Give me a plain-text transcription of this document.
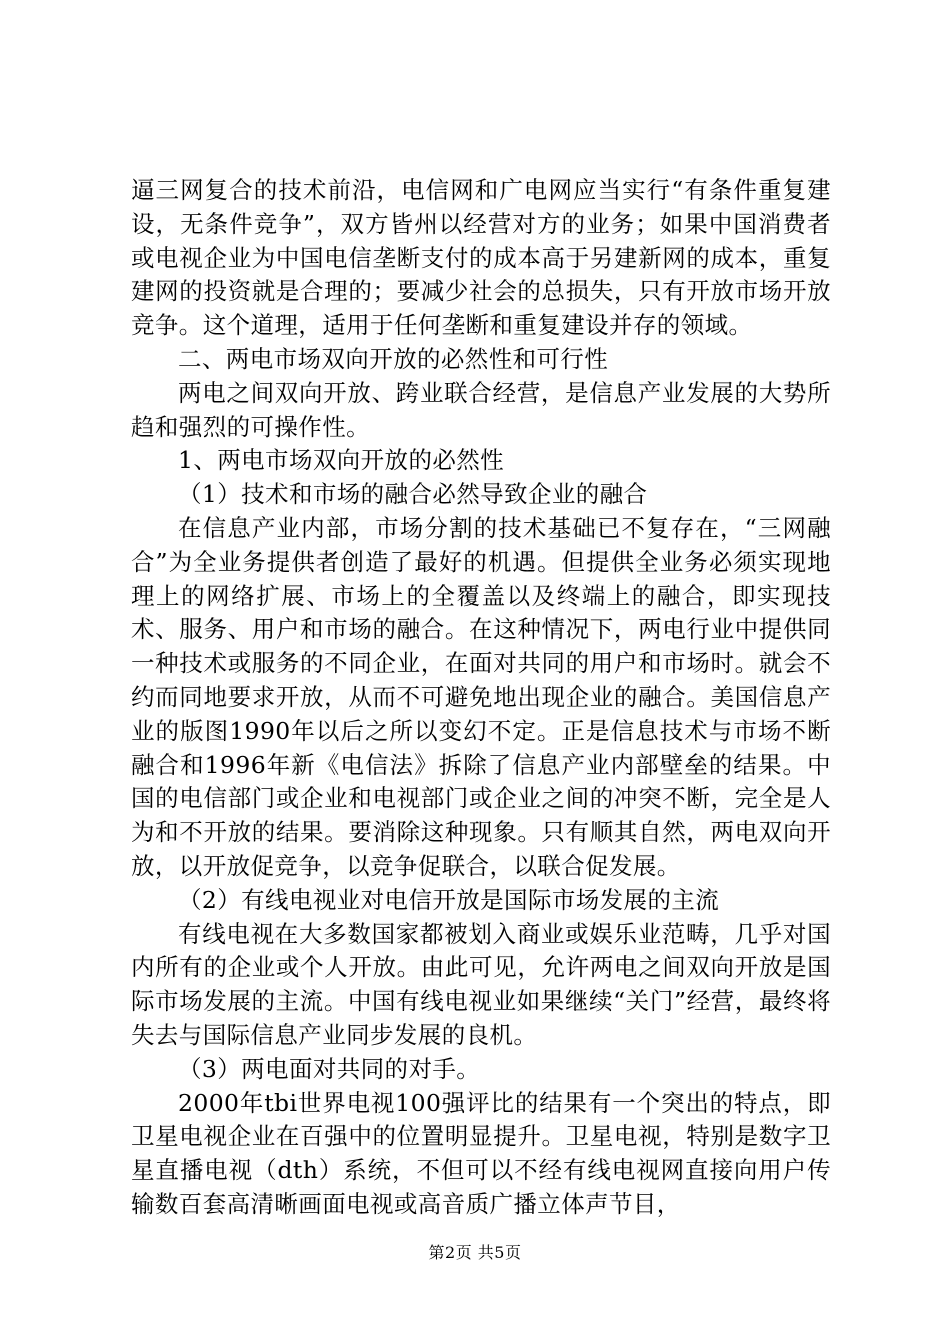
逼三网复合的技术前沿，电信网和广电网应当实行“有条件重复建设，无条件竞争”，双方皆州以经营对方的业务；如果中国消费者或电视企业为中国电信垄断支付的成本高于另建新网的成本，重复建网的投资就是合理的；要减少社会的总损失，只有开放市场开放竞争。这个道理，适用于任何垄断和重复建设并存的领域。

二、两电市场双向开放的必然性和可行性

两电之间双向开放、跨业联合经营，是信息产业发展的大势所趋和强烈的可操作性。

1、两电市场双向开放的必然性

（1）技术和市场的融合必然导致企业的融合

在信息产业内部，市场分割的技术基础已不复存在，“三网融合”为全业务提供者创造了最好的机遇。但提供全业务必须实现地理上的网络扩展、市场上的全覆盖以及终端上的融合，即实现技术、服务、用户和市场的融合。在这种情况下，两电行业中提供同一种技术或服务的不同企业，在面对共同的用户和市场时。就会不约而同地要求开放，从而不可避免地出现企业的融合。美国信息产业的版图1990年以后之所以变幻不定。正是信息技术与市场不断融合和1996年新《电信法》拆除了信息产业内部壁垒的结果。中国的电信部门或企业和电视部门或企业之间的冲突不断，完全是人为和不开放的结果。要消除这种现象。只有顺其自然，两电双向开放，以开放促竞争，以竞争促联合，以联合促发展。

（2）有线电视业对电信开放是国际市场发展的主流

有线电视在大多数国家都被划入商业或娱乐业范畴，几乎对国内所有的企业或个人开放。由此可见，允许两电之间双向开放是国际市场发展的主流。中国有线电视业如果继续“关门”经营，最终将失去与国际信息产业同步发展的良机。

（3）两电面对共同的对手。

2000年tbi世界电视100强评比的结果有一个突出的特点，即卫星电视企业在百强中的位置明显提升。卫星电视，特别是数字卫星直播电视（dth）系统，不但可以不经有线电视网直接向用户传输数百套高清晰画面电视或高音质广播立体声节目，

第2页 共5页
